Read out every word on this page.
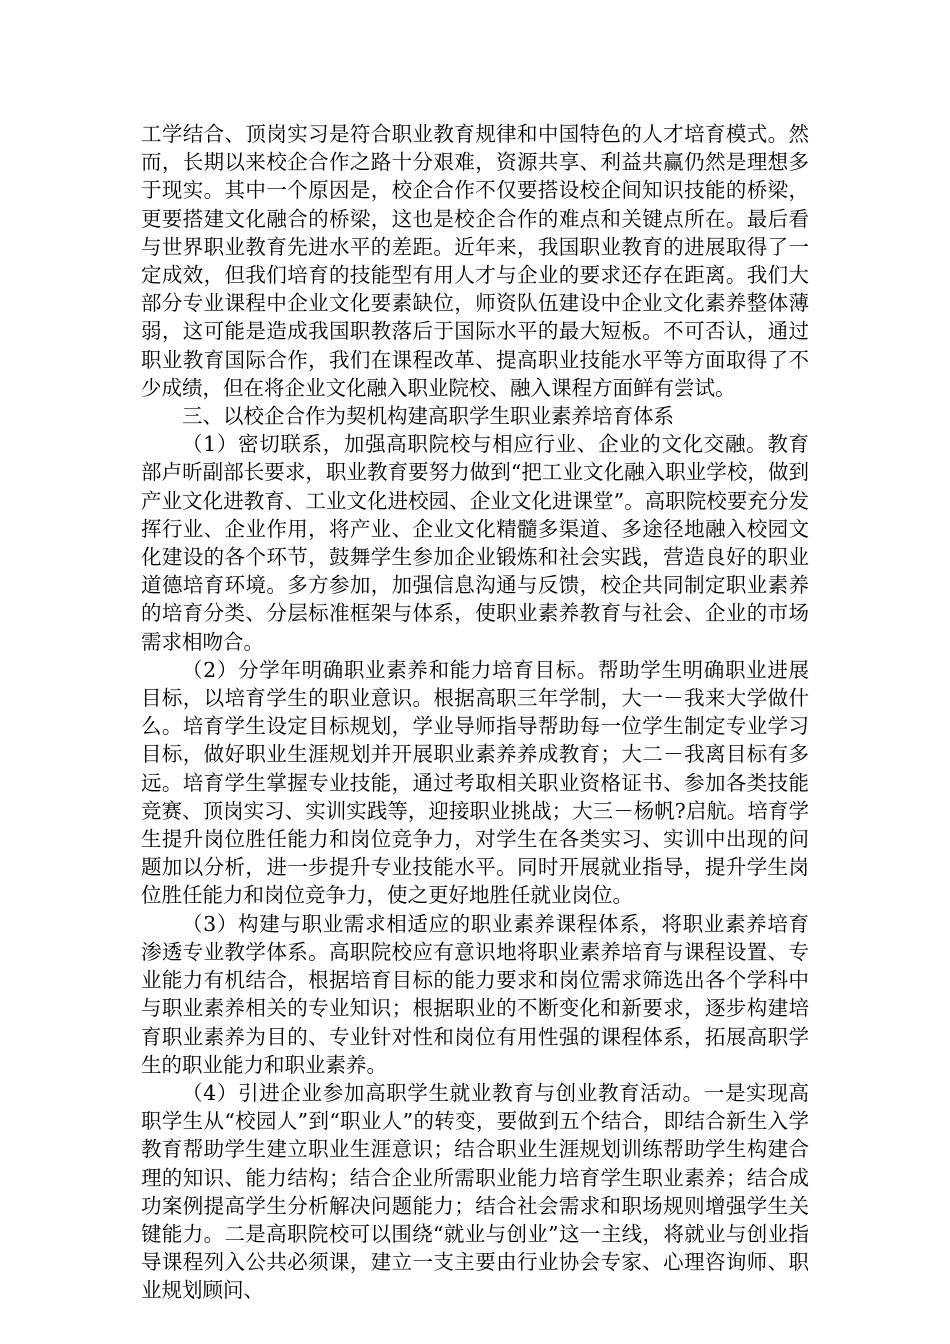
工学结合、顶岗实习是符合职业教育规律和中国特色的人才培育模式。然而，长期以来校企合作之路十分艰难，资源共享、利益共赢仍然是理想多于现实。其中一个原因是，校企合作不仅要搭设校企间知识技能的桥梁，更要搭建文化融合的桥梁，这也是校企合作的难点和关键点所在。最后看与世界职业教育先进水平的差距。近年来，我国职业教育的进展取得了一定成效，但我们培育的技能型有用人才与企业的要求还存在距离。我们大部分专业课程中企业文化要素缺位，师资队伍建设中企业文化素养整体薄弱，这可能是造成我国职教落后于国际水平的最大短板。不可否认，通过职业教育国际合作，我们在课程改革、提高职业技能水平等方面取得了不少成绩，但在将企业文化融入职业院校、融入课程方面鲜有尝试。

三、以校企合作为契机构建高职学生职业素养培育体系

（1）密切联系，加强高职院校与相应行业、企业的文化交融。教育部卢昕副部长要求，职业教育要努力做到“把工业文化融入职业学校，做到产业文化进教育、工业文化进校园、企业文化进课堂”。高职院校要充分发挥行业、企业作用，将产业、企业文化精髓多渠道、多途径地融入校园文化建设的各个环节，鼓舞学生参加企业锻炼和社会实践，营造良好的职业道德培育环境。多方参加，加强信息沟通与反馈，校企共同制定职业素养的培育分类、分层标准框架与体系，使职业素养教育与社会、企业的市场需求相吻合。

（2）分学年明确职业素养和能力培育目标。帮助学生明确职业进展目标，以培育学生的职业意识。根据高职三年学制，大一－我来大学做什么。培育学生设定目标规划，学业导师指导帮助每一位学生制定专业学习目标，做好职业生涯规划并开展职业素养养成教育；大二－我离目标有多远。培育学生掌握专业技能，通过考取相关职业资格证书、参加各类技能竞赛、顶岗实习、实训实践等，迎接职业挑战；大三－杨帆?启航。培育学生提升岗位胜任能力和岗位竞争力，对学生在各类实习、实训中出现的问题加以分析，进一步提升专业技能水平。同时开展就业指导，提升学生岗位胜任能力和岗位竞争力，使之更好地胜任就业岗位。

（3）构建与职业需求相适应的职业素养课程体系，将职业素养培育渗透专业教学体系。高职院校应有意识地将职业素养培育与课程设置、专业能力有机结合，根据培育目标的能力要求和岗位需求筛选出各个学科中与职业素养相关的专业知识；根据职业的不断变化和新要求，逐步构建培育职业素养为目的、专业针对性和岗位有用性强的课程体系，拓展高职学生的职业能力和职业素养。

（4）引进企业参加高职学生就业教育与创业教育活动。一是实现高职学生从“校园人”到“职业人”的转变，要做到五个结合，即结合新生入学教育帮助学生建立职业生涯意识；结合职业生涯规划训练帮助学生构建合理的知识、能力结构；结合企业所需职业能力培育学生职业素养；结合成功案例提高学生分析解决问题能力；结合社会需求和职场规则增强学生关键能力。二是高职院校可以围绕“就业与创业”这一主线，将就业与创业指导课程列入公共必须课，建立一支主要由行业协会专家、心理咨询师、职业规划顾问、
